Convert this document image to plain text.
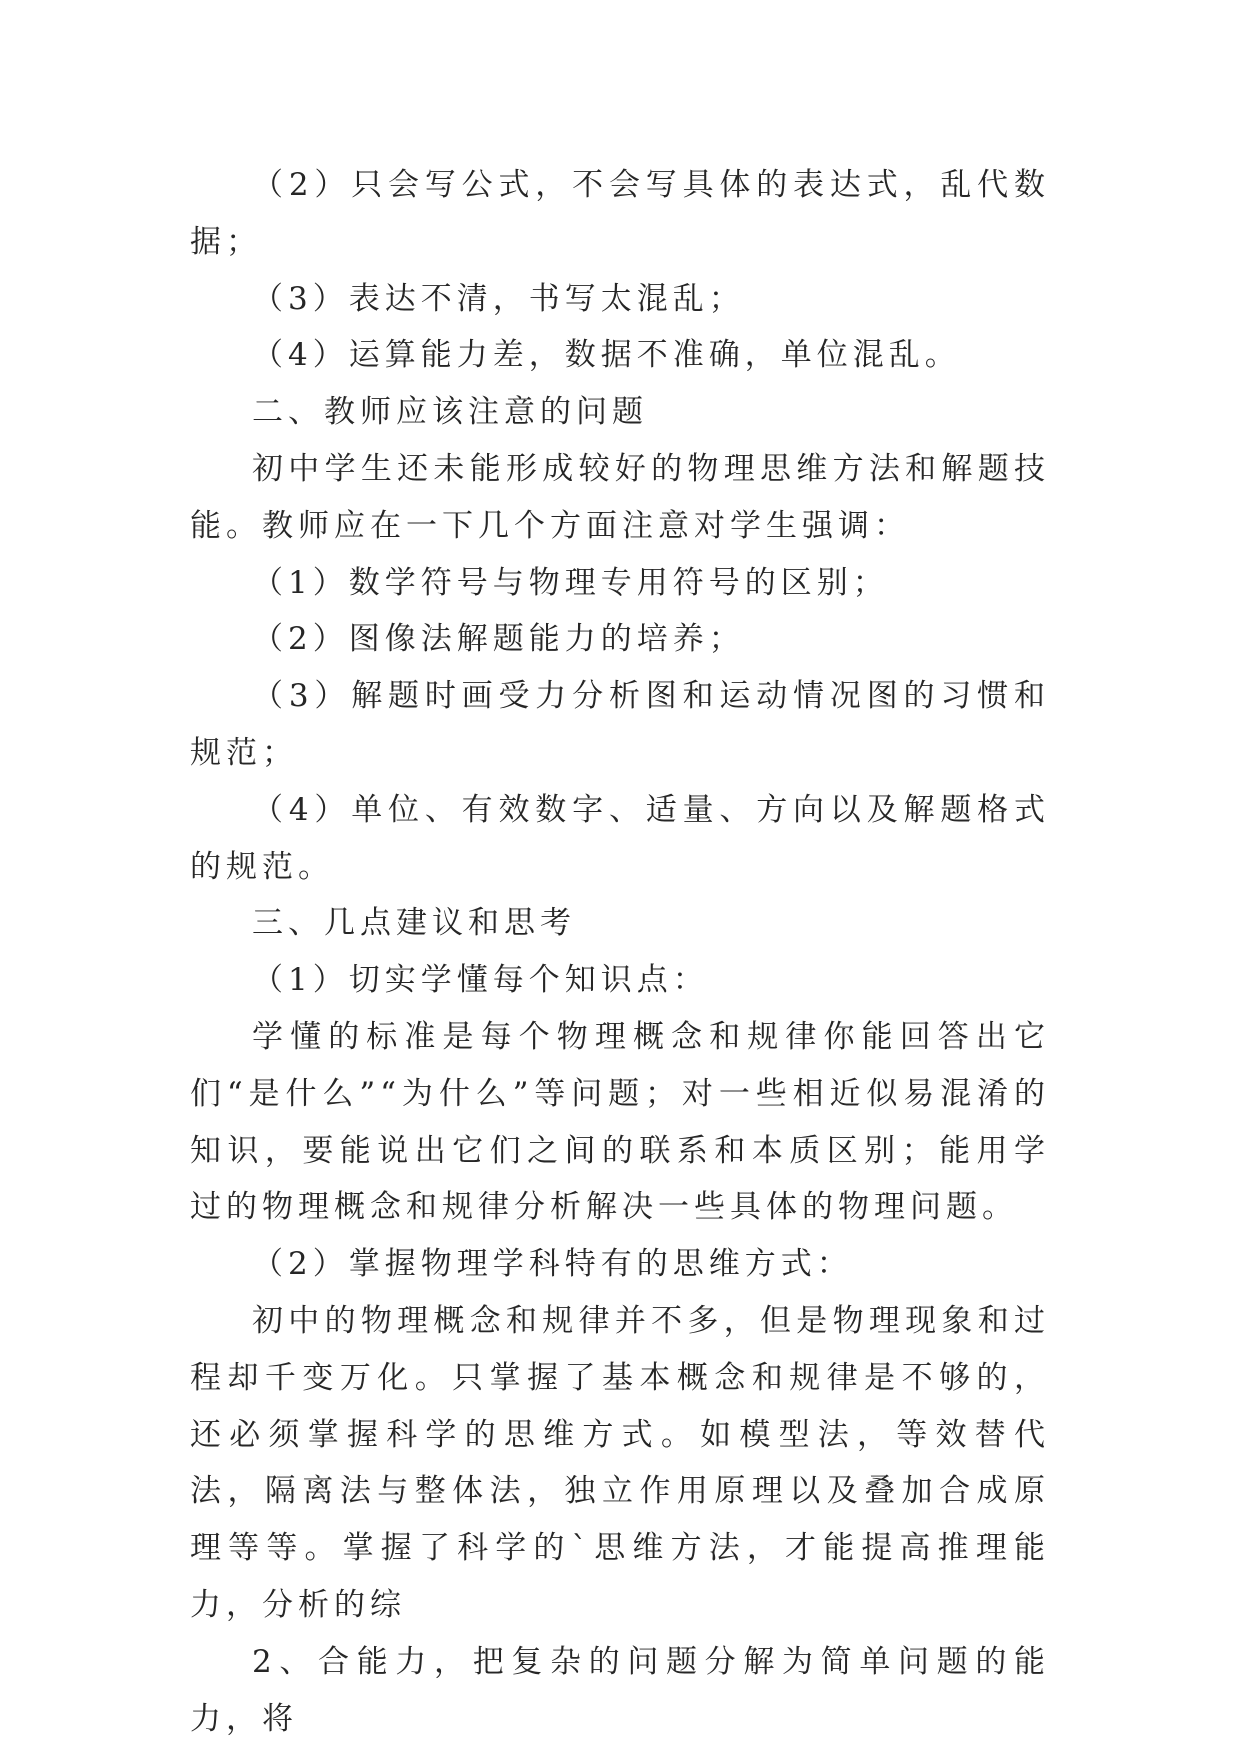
（2）只会写公式，不会写具体的表达式，乱代数据；

（3）表达不清，书写太混乱；

（4）运算能力差，数据不准确，单位混乱。

二、教师应该注意的问题

初中学生还未能形成较好的物理思维方法和解题技能。教师应在一下几个方面注意对学生强调：

（1）数学符号与物理专用符号的区别；

（2）图像法解题能力的培养；

（3）解题时画受力分析图和运动情况图的习惯和规范；

（4）单位、有效数字、适量、方向以及解题格式的规范。

三、几点建议和思考

（1）切实学懂每个知识点：

学懂的标准是每个物理概念和规律你能回答出它们“是什么”“为什么”等问题；对一些相近似易混淆的知识，要能说出它们之间的联系和本质区别；能用学过的物理概念和规律分析解决一些具体的物理问题。

（2）掌握物理学科特有的思维方式：

初中的物理概念和规律并不多，但是物理现象和过程却千变万化。只掌握了基本概念和规律是不够的，还必须掌握科学的思维方式。如模型法，等效替代法，隔离法与整体法，独立作用原理以及叠加合成原理等等。掌握了科学的`思维方法，才能提高推理能力，分析的综

2、合能力，把复杂的问题分解为简单问题的能力，将
